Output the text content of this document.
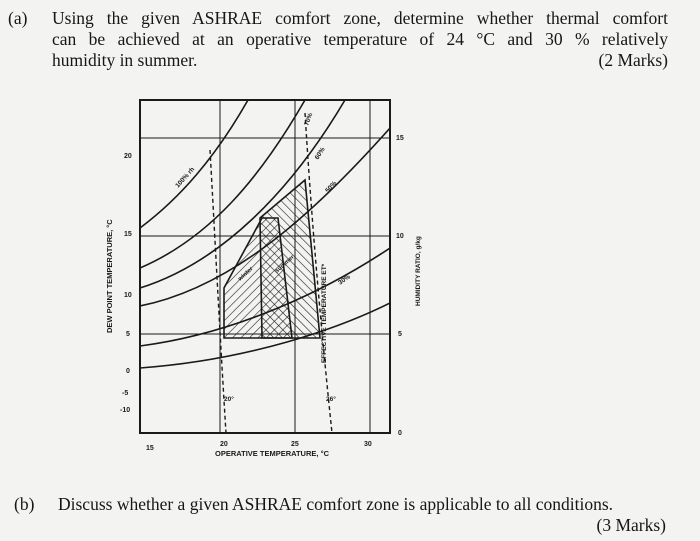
(a) Using the given ASHRAE comfort zone, determine whether thermal comfort
can be achieved at an operative temperature of 24 °C and 30 % relatively
humidity in summer.	(2 Marks)
20
15
10
5
0
-5
-10
15
10
5
0
15
20	25	30
OPERATIVE TEMPERATURE, °C
DEW POINT TEMPERATURE, °C	HUMIDITY RATIO, g/kg
100% rh
70%
60%
50%
30%
EFFECTIVE TEMPERATURE ET*
20°	26°
winter	summer
(b) Discuss whether a given ASHRAE comfort zone is applicable to all conditions.
(3 Marks)
